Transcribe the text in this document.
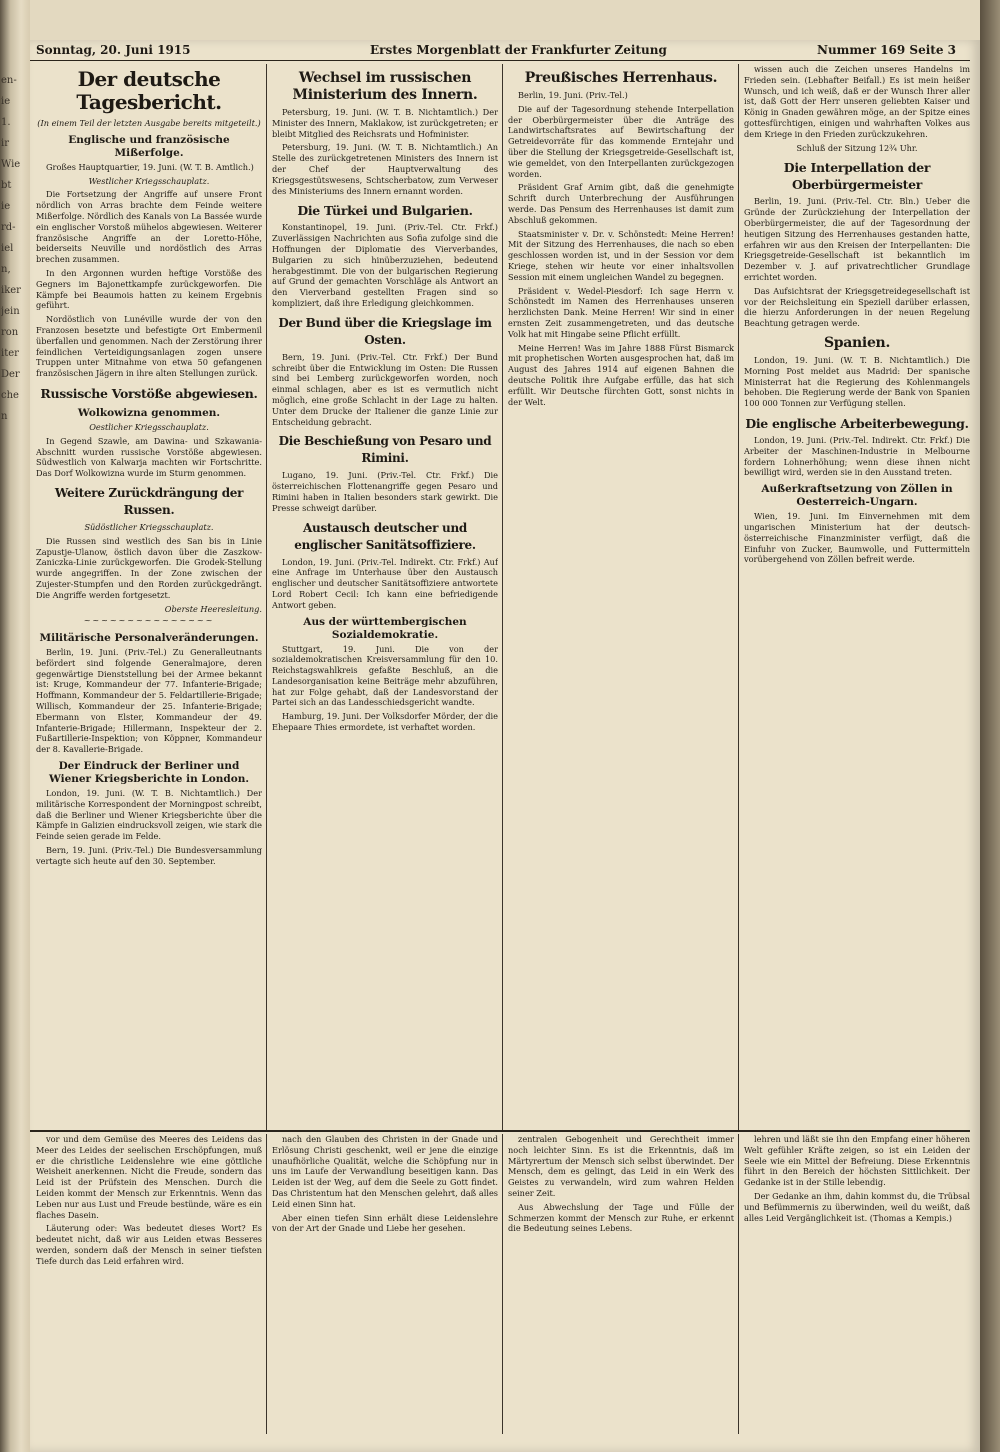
en-
ie
1.
ir
Wie
bt
ie
rd-
iel
n,
iker
jein
ron
iter
Der
che
n
Sonntag, 20. Juni 1915	Erstes Morgenblatt der Frankfurter Zeitung	Nummer 169 Seite 3
Der deutsche Tagesbericht.
(In einem Teil der letzten Ausgabe bereits mitgeteilt.)
Englische und französische Mißerfolge.

Großes Hauptquartier, 19. Juni. (W. T. B. Amtlich.)

Westlicher Kriegsschauplatz.

Die Fortsetzung der Angriffe auf unsere Front nördlich von Arras brachte dem Feinde weitere Mißerfolge. Nördlich des Kanals von La Bassée wurde ein englischer Vorstoß mühelos abgewiesen. Weiterer französische Angriffe an der Loretto-Höhe, beiderseits Neuville und nordöstlich des Arras brechen zusammen.

In den Argonnen wurden heftige Vorstöße des Gegners im Bajonettkampfe zurückgeworfen. Die Kämpfe bei Beaumois hatten zu keinem Ergebnis geführt.

Nordöstlich von Lunéville wurde der von den Franzosen besetzte und befestigte Ort Embermenil überfallen und genommen. Nach der Zerstörung ihrer feindlichen Verteidigungsanlagen zogen unsere Truppen unter Mitnahme von etwa 50 gefangenen französischen Jägern in ihre alten Stellungen zurück.

Russische Vorstöße abgewiesen.
Wolkowizna genommen.
Oestlicher Kriegsschauplatz.

In Gegend Szawle, am Dawina- und Szkawania-Abschnitt wurden russische Vorstöße abgewiesen. Südwestlich von Kalwarja machten wir Fortschritte. Das Dorf Wolkowizna wurde im Sturm genommen.

Weitere Zurückdrängung der Russen.
Südöstlicher Kriegsschauplatz.

Die Russen sind westlich des San bis in Linie Zapustje-Ulanow, östlich davon über die Zaszkow-Zaniczka-Linie zurückgeworfen. Die Grodek-Stellung wurde angegriffen. In der Zone zwischen der Zujester-Stumpfen und den Rorden zurückgedrängt. Die Angriffe werden fortgesetzt.

Oberste Heeresleitung.
~~~~~~~~~~~~~~~
Militärische Personalveränderungen.

Berlin, 19. Juni. (Priv.-Tel.) Zu Generalleutnants befördert sind folgende Generalmajore, deren gegenwärtige Dienststellung bei der Armee bekannt ist: Kruge, Kommandeur der 77. Infanterie-Brigade; Hoffmann, Kommandeur der 5. Feldartillerie-Brigade; Willisch, Kommandeur der 25. Infanterie-Brigade; Ebermann von Elster, Kommandeur der 49. Infanterie-Brigade; Hillermann, Inspekteur der 2. Fußartillerie-Inspektion; von Köppner, Kommandeur der 8. Kavallerie-Brigade.

Der Eindruck der Berliner und Wiener Kriegsberichte in London.

London, 19. Juni. (W. T. B. Nichtamtlich.) Der militärische Korrespondent der Morningpost schreibt, daß die Berliner und Wiener Kriegsberichte über die Kämpfe in Galizien eindrucksvoll zeigen, wie stark die Feinde seien gerade im Felde.

Bern, 19. Juni. (Priv.-Tel.) Die Bundesversammlung vertagte sich heute auf den 30. September.

Wechsel im russischen Ministerium des Innern.

Petersburg, 19. Juni. (W. T. B. Nichtamtlich.) Der Minister des Innern, Maklakow, ist zurückgetreten; er bleibt Mitglied des Reichsrats und Hofminister.

Petersburg, 19. Juni. (W. T. B. Nichtamtlich.) An Stelle des zurückgetretenen Ministers des Innern ist der Chef der Hauptverwaltung des Kriegsgestütswesens, Schtscherbatow, zum Verweser des Ministeriums des Innern ernannt worden.

Die Türkei und Bulgarien.

Konstantinopel, 19. Juni. (Priv.-Tel. Ctr. Frkf.) Zuverlässigen Nachrichten aus Sofia zufolge sind die Hoffnungen der Diplomatie des Vierverbandes, Bulgarien zu sich hinüberzuziehen, bedeutend herabgestimmt. Die von der bulgarischen Regierung auf Grund der gemachten Vorschläge als Antwort an den Vierverband gestellten Fragen sind so kompliziert, daß ihre Erledigung gleichkommen.

Der Bund über die Kriegslage im Osten.

Bern, 19. Juni. (Priv.-Tel. Ctr. Frkf.) Der Bund schreibt über die Entwicklung im Osten: Die Russen sind bei Lemberg zurückgeworfen worden, noch einmal schlagen, aber es ist es vermutlich nicht möglich, eine große Schlacht in der Lage zu halten. Unter dem Drucke der Italiener die ganze Linie zur Entscheidung gebracht.

Die Beschießung von Pesaro und Rimini.

Lugano, 19. Juni. (Priv.-Tel. Ctr. Frkf.) Die österreichischen Flottenangriffe gegen Pesaro und Rimini haben in Italien besonders stark gewirkt. Die Presse schweigt darüber.

Austausch deutscher und englischer Sanitätsoffiziere.

London, 19. Juni. (Priv.-Tel. Indirekt. Ctr. Frkf.) Auf eine Anfrage im Unterhause über den Austausch englischer und deutscher Sanitätsoffiziere antwortete Lord Robert Cecil: Ich kann eine befriedigende Antwort geben.

Aus der württembergischen Sozialdemokratie.

Stuttgart, 19. Juni. Die von der sozialdemokratischen Kreisversammlung für den 10. Reichstagswahlkreis gefaßte Beschluß, an die Landesorganisation keine Beiträge mehr abzuführen, hat zur Folge gehabt, daß der Landesvorstand der Partei sich an das Landesschiedsgericht wandte.

Hamburg, 19. Juni. Der Volksdorfer Mörder, der die Ehepaare Thies ermordete, ist verhaftet worden.

Preußisches Herrenhaus.

Berlin, 19. Juni. (Priv.-Tel.)

Die auf der Tagesordnung stehende Interpellation der Oberbürgermeister über die Anträge des Landwirtschaftsrates auf Bewirtschaftung der Getreidevorräte für das kommende Erntejahr und über die Stellung der Kriegsgetreide-Gesellschaft ist, wie gemeldet, von den Interpellanten zurückgezogen worden.

Präsident Graf Arnim gibt, daß die genehmigte Schrift durch Unterbrechung der Ausführungen werde. Das Pensum des Herrenhauses ist damit zum Abschluß gekommen.

Staatsminister v. Dr. v. Schönstedt: Meine Herren! Mit der Sitzung des Herrenhauses, die nach so eben geschlossen worden ist, und in der Session vor dem Kriege, stehen wir heute vor einer inhaltsvollen Session mit einem ungleichen Wandel zu begegnen.

Präsident v. Wedel-Piesdorf: Ich sage Herrn v. Schönstedt im Namen des Herrenhauses unseren herzlichsten Dank. Meine Herren! Wir sind in einer ernsten Zeit zusammengetreten, und das deutsche Volk hat mit Hingabe seine Pflicht erfüllt.

Meine Herren! Was im Jahre 1888 Fürst Bismarck mit prophetischen Worten ausgesprochen hat, daß im August des Jahres 1914 auf eigenen Bahnen die deutsche Politik ihre Aufgabe erfülle, das hat sich erfüllt. Wir Deutsche fürchten Gott, sonst nichts in der Welt.

wissen auch die Zeichen unseres Handelns im Frieden sein. (Lebhafter Beifall.) Es ist mein heißer Wunsch, und ich weiß, daß er der Wunsch Ihrer aller ist, daß Gott der Herr unseren geliebten Kaiser und König in Gnaden gewähren möge, an der Spitze eines gottesfürchtigen, einigen und wahrhaften Volkes aus dem Kriege in den Frieden zurückzukehren.

Schluß der Sitzung 12¾ Uhr.

Die Interpellation der Oberbürgermeister

Berlin, 19. Juni. (Priv.-Tel. Ctr. Bln.) Ueber die Gründe der Zurückziehung der Interpellation der Oberbürgermeister, die auf der Tagesordnung der heutigen Sitzung des Herrenhauses gestanden hatte, erfahren wir aus den Kreisen der Interpellanten: Die Kriegsgetreide-Gesellschaft ist bekanntlich im Dezember v. J. auf privatrechtlicher Grundlage errichtet worden.

Das Aufsichtsrat der Kriegsgetreidegesellschaft ist vor der Reichsleitung ein Speziell darüber erlassen, die hierzu Anforderungen in der neuen Regelung Beachtung getragen werde.

Spanien.

London, 19. Juni. (W. T. B. Nichtamtlich.) Die Morning Post meldet aus Madrid: Der spanische Ministerrat hat die Regierung des Kohlenmangels behoben. Die Regierung werde der Bank von Spanien 100 000 Tonnen zur Verfügung stellen.

Die englische Arbeiterbewegung.

London, 19. Juni. (Priv.-Tel. Indirekt. Ctr. Frkf.) Die Arbeiter der Maschinen-Industrie in Melbourne fordern Lohnerhöhung; wenn diese ihnen nicht bewilligt wird, werden sie in den Ausstand treten.

Außerkraftsetzung von Zöllen in Oesterreich-Ungarn.

Wien, 19. Juni. Im Einvernehmen mit dem ungarischen Ministerium hat der deutsch-österreichische Finanzminister verfügt, daß die Einfuhr von Zucker, Baumwolle, und Futtermitteln vorübergehend von Zöllen befreit werde.

vor und dem Gemüse des Meeres des Leidens das Meer des Leides der seelischen Erschöpfungen, muß er die christliche Leidenslehre wie eine göttliche Weisheit anerkennen. Nicht die Freude, sondern das Leid ist der Prüfstein des Menschen. Durch die Leiden kommt der Mensch zur Erkenntnis. Wenn das Leben nur aus Lust und Freude bestünde, wäre es ein flaches Dasein.

Läuterung oder: Was bedeutet dieses Wort? Es bedeutet nicht, daß wir aus Leiden etwas Besseres werden, sondern daß der Mensch in seiner tiefsten Tiefe durch das Leid erfahren wird.

nach den Glauben des Christen in der Gnade und Erlösung Christi geschenkt, weil er jene die einzige unaufhörliche Qualität, welche die Schöpfung nur in uns im Laufe der Verwandlung beseitigen kann. Das Leiden ist der Weg, auf dem die Seele zu Gott findet. Das Christentum hat den Menschen gelehrt, daß alles Leid einen Sinn hat.

Aber einen tiefen Sinn erhält diese Leidenslehre von der Art der Gnade und Liebe her gesehen.

zentralen Gebogenheit und Gerechtheit immer noch leichter Sinn. Es ist die Erkenntnis, daß im Märtyrertum der Mensch sich selbst überwindet. Der Mensch, dem es gelingt, das Leid in ein Werk des Geistes zu verwandeln, wird zum wahren Helden seiner Zeit.

Aus Abwechslung der Tage und Fülle der Schmerzen kommt der Mensch zur Ruhe, er erkennt die Bedeutung seines Lebens.

lehren und läßt sie ihn den Empfang einer höheren Welt gefühler Kräfte zeigen, so ist ein Leiden der Seele wie ein Mittel der Befreiung. Diese Erkenntnis führt in den Bereich der höchsten Sittlichkeit. Der Gedanke ist in der Stille lebendig.

Der Gedanke an ihm, dahin kommst du, die Trübsal und Befümmernis zu überwinden, weil du weißt, daß alles Leid Vergänglichkeit ist. (Thomas a Kempis.)
